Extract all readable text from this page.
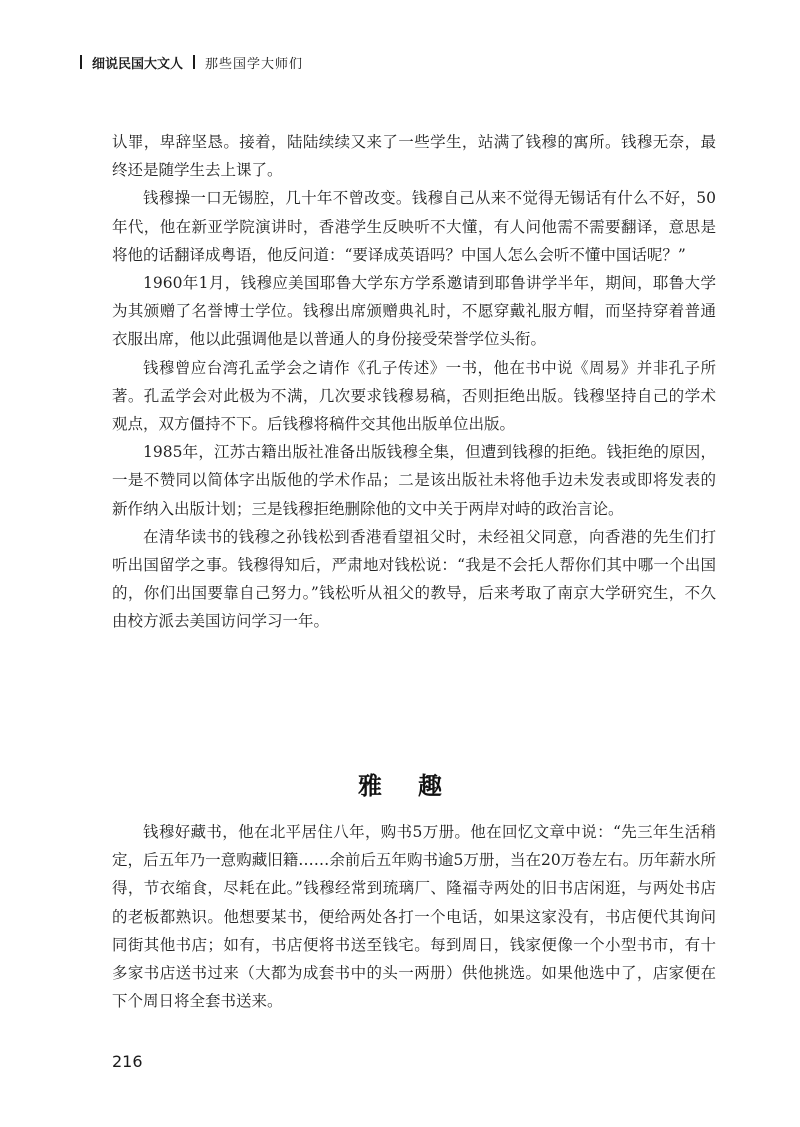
细说民国大文人 那些国学大师们

认罪，卑辞坚恳。接着，陆陆续续又来了一些学生，站满了钱穆的寓所。钱穆无奈，最终还是随学生去上课了。

钱穆操一口无锡腔，几十年不曾改变。钱穆自己从来不觉得无锡话有什么不好，50年代，他在新亚学院演讲时，香港学生反映听不大懂，有人问他需不需要翻译，意思是将他的话翻译成粤语，他反问道：“要译成英语吗？中国人怎么会听不懂中国话呢？”

1960年1月，钱穆应美国耶鲁大学东方学系邀请到耶鲁讲学半年，期间，耶鲁大学为其颁赠了名誉博士学位。钱穆出席颁赠典礼时，不愿穿戴礼服方帽，而坚持穿着普通衣服出席，他以此强调他是以普通人的身份接受荣誉学位头衔。

钱穆曾应台湾孔孟学会之请作《孔子传述》一书，他在书中说《周易》并非孔子所著。孔孟学会对此极为不满，几次要求钱穆易稿，否则拒绝出版。钱穆坚持自己的学术观点，双方僵持不下。后钱穆将稿件交其他出版单位出版。

1985年，江苏古籍出版社准备出版钱穆全集，但遭到钱穆的拒绝。钱拒绝的原因，一是不赞同以简体字出版他的学术作品；二是该出版社未将他手边未发表或即将发表的新作纳入出版计划；三是钱穆拒绝删除他的文中关于两岸对峙的政治言论。

在清华读书的钱穆之孙钱松到香港看望祖父时，未经祖父同意，向香港的先生们打听出国留学之事。钱穆得知后，严肃地对钱松说：“我是不会托人帮你们其中哪一个出国的，你们出国要靠自己努力。”钱松听从祖父的教导，后来考取了南京大学研究生，不久由校方派去美国访问学习一年。

雅 趣

钱穆好藏书，他在北平居住八年，购书5万册。他在回忆文章中说：“先三年生活稍定，后五年乃一意购藏旧籍……余前后五年购书逾5万册，当在20万卷左右。历年薪水所得，节衣缩食，尽耗在此。”钱穆经常到琉璃厂、隆福寺两处的旧书店闲逛，与两处书店的老板都熟识。他想要某书，便给两处各打一个电话，如果这家没有，书店便代其询问同街其他书店；如有，书店便将书送至钱宅。每到周日，钱家便像一个小型书市，有十多家书店送书过来（大都为成套书中的头一两册）供他挑选。如果他选中了，店家便在下个周日将全套书送来。

216
